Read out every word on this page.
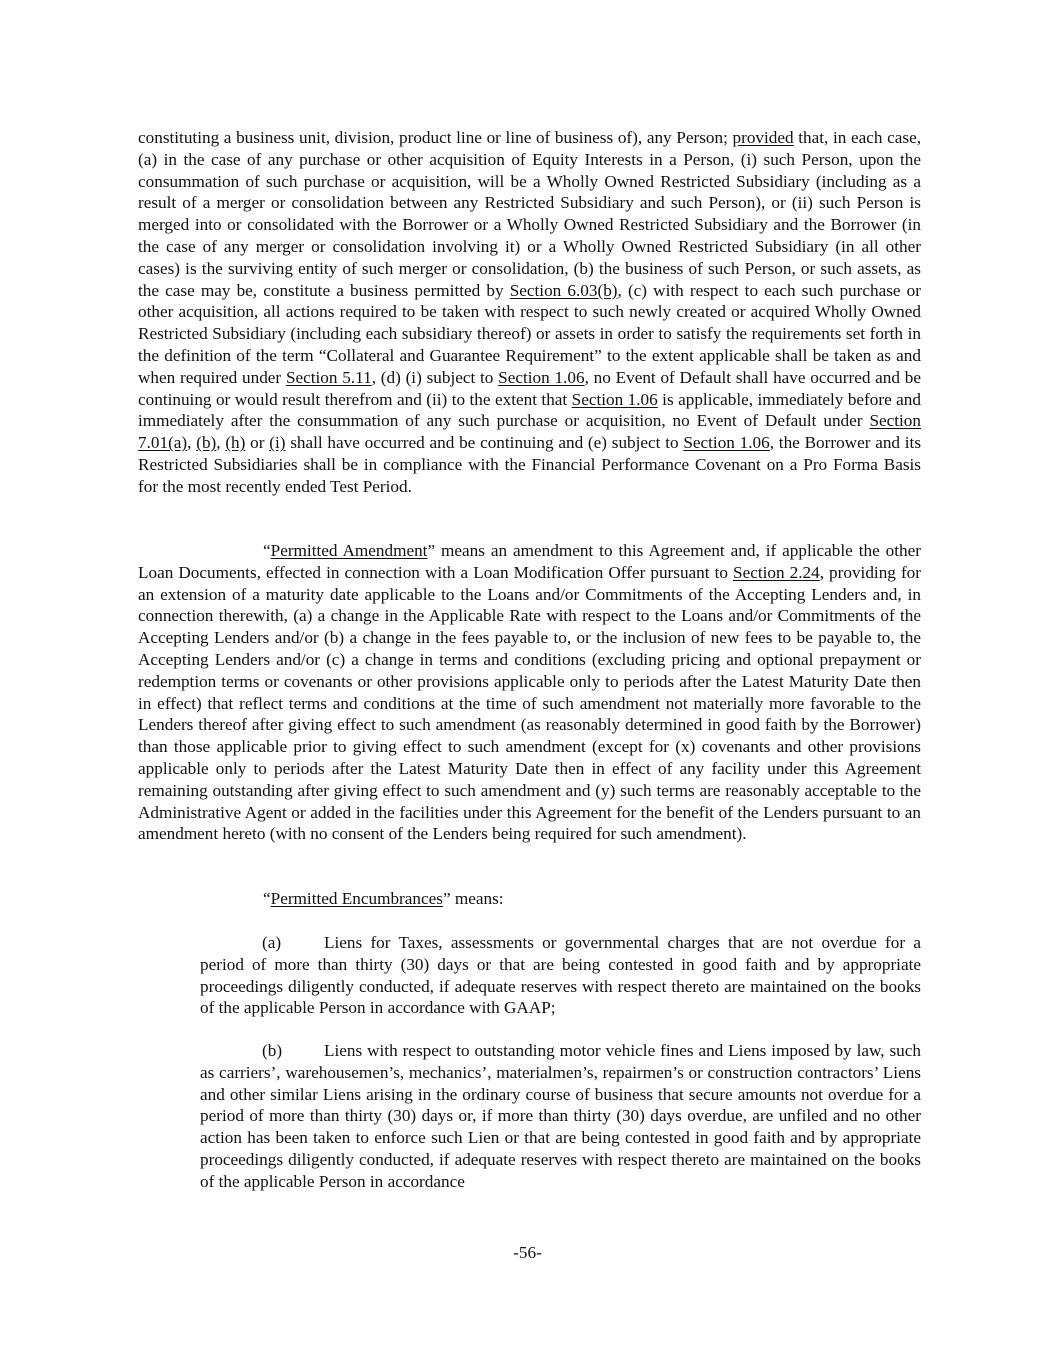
constituting a business unit, division, product line or line of business of), any Person; provided that, in each case, (a) in the case of any purchase or other acquisition of Equity Interests in a Person, (i) such Person, upon the consummation of such purchase or acquisition, will be a Wholly Owned Restricted Subsidiary (including as a result of a merger or consolidation between any Restricted Subsidiary and such Person), or (ii) such Person is merged into or consolidated with the Borrower or a Wholly Owned Restricted Subsidiary and the Borrower (in the case of any merger or consolidation involving it) or a Wholly Owned Restricted Subsidiary (in all other cases) is the surviving entity of such merger or consolidation, (b) the business of such Person, or such assets, as the case may be, constitute a business permitted by Section 6.03(b), (c) with respect to each such purchase or other acquisition, all actions required to be taken with respect to such newly created or acquired Wholly Owned Restricted Subsidiary (including each subsidiary thereof) or assets in order to satisfy the requirements set forth in the definition of the term “Collateral and Guarantee Requirement” to the extent applicable shall be taken as and when required under Section 5.11, (d) (i) subject to Section 1.06, no Event of Default shall have occurred and be continuing or would result therefrom and (ii) to the extent that Section 1.06 is applicable, immediately before and immediately after the consummation of any such purchase or acquisition, no Event of Default under Section 7.01(a), (b), (h) or (i) shall have occurred and be continuing and (e) subject to Section 1.06, the Borrower and its Restricted Subsidiaries shall be in compliance with the Financial Performance Covenant on a Pro Forma Basis for the most recently ended Test Period.

“Permitted Amendment” means an amendment to this Agreement and, if applicable the other Loan Documents, effected in connection with a Loan Modification Offer pursuant to Section 2.24, providing for an extension of a maturity date applicable to the Loans and/or Commitments of the Accepting Lenders and, in connection therewith, (a) a change in the Applicable Rate with respect to the Loans and/or Commitments of the Accepting Lenders and/or (b) a change in the fees payable to, or the inclusion of new fees to be payable to, the Accepting Lenders and/or (c) a change in terms and conditions (excluding pricing and optional prepayment or redemption terms or covenants or other provisions applicable only to periods after the Latest Maturity Date then in effect) that reflect terms and conditions at the time of such amendment not materially more favorable to the Lenders thereof after giving effect to such amendment (as reasonably determined in good faith by the Borrower) than those applicable prior to giving effect to such amendment (except for (x) covenants and other provisions applicable only to periods after the Latest Maturity Date then in effect of any facility under this Agreement remaining outstanding after giving effect to such amendment and (y) such terms are reasonably acceptable to the Administrative Agent or added in the facilities under this Agreement for the benefit of the Lenders pursuant to an amendment hereto (with no consent of the Lenders being required for such amendment).

“Permitted Encumbrances” means:

(a) Liens for Taxes, assessments or governmental charges that are not overdue for a period of more than thirty (30) days or that are being contested in good faith and by appropriate proceedings diligently conducted, if adequate reserves with respect thereto are maintained on the books of the applicable Person in accordance with GAAP;

(b) Liens with respect to outstanding motor vehicle fines and Liens imposed by law, such as carriers’, warehousemen’s, mechanics’, materialmen’s, repairmen’s or construction contractors’ Liens and other similar Liens arising in the ordinary course of business that secure amounts not overdue for a period of more than thirty (30) days or, if more than thirty (30) days overdue, are unfiled and no other action has been taken to enforce such Lien or that are being contested in good faith and by appropriate proceedings diligently conducted, if adequate reserves with respect thereto are maintained on the books of the applicable Person in accordance

-56-
